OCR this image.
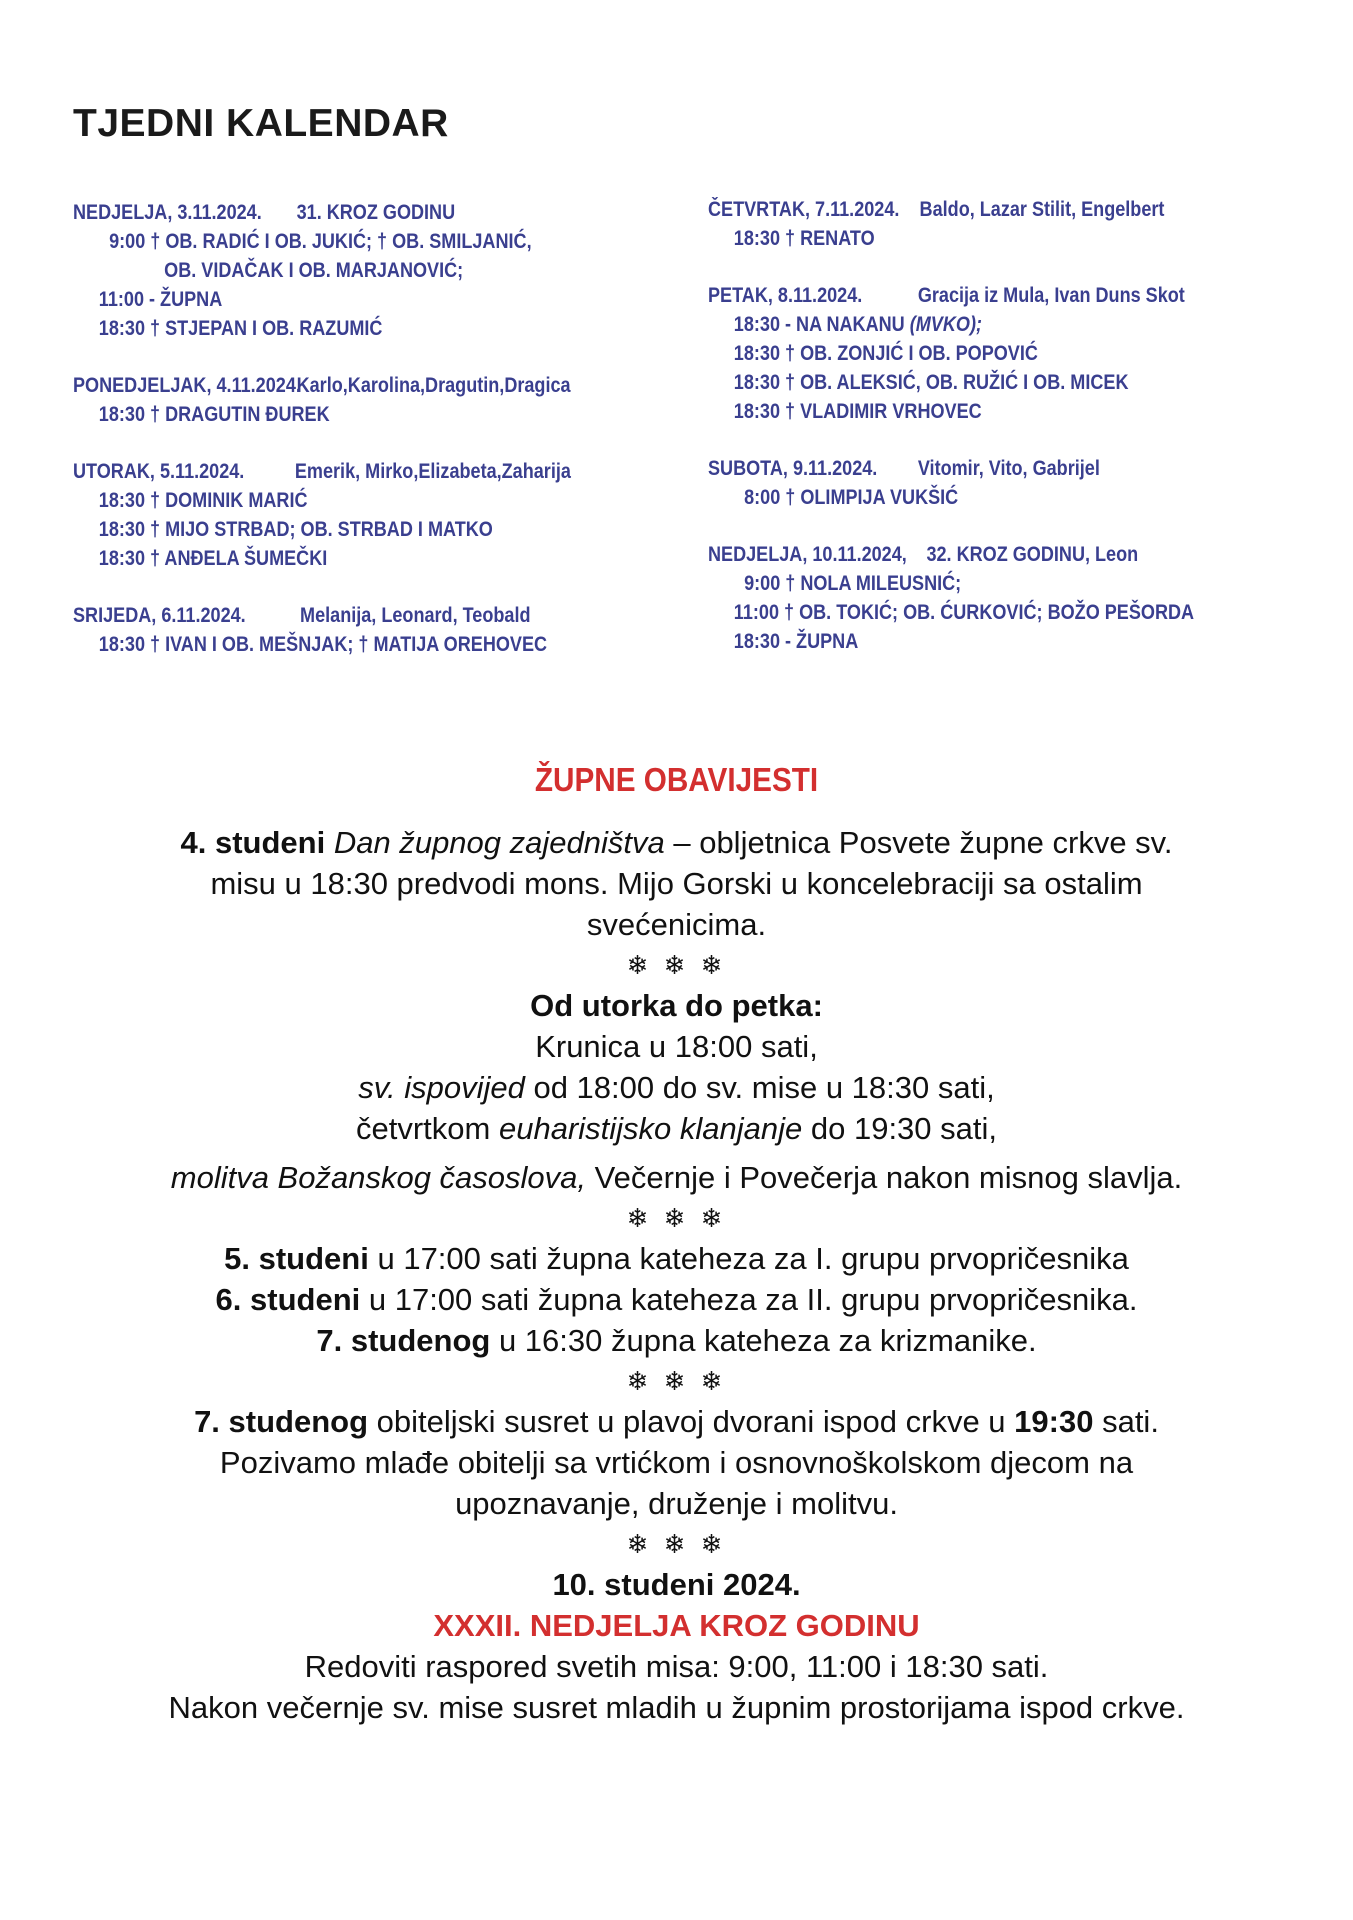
TJEDNI KALENDAR
NEDJELJA, 3.11.2024. 31. KROZ GODINU
9:00 † OB. RADIĆ I OB. JUKIĆ; † OB. SMILJANIĆ,
OB. VIDAČAK I OB. MARJANOVIĆ;
11:00 - ŽUPNA
18:30 † STJEPAN I OB. RAZUMIĆ
PONEDJELJAK, 4.11.2024.
Karlo,Karolina,Dragutin,Dragica
18:30 † DRAGUTIN ĐUREK
UTORAK, 5.11.2024. Emerik, Mirko,Elizabeta,Zaharija
18:30 † DOMINIK MARIĆ
18:30 † MIJO STRBAD; OB. STRBAD I MATKO
18:30 † ANĐELA ŠUMEČKI
SRIJEDA, 6.11.2024.	Melanija, Leonard, Teobald
18:30 † IVAN I OB. MEŠNJAK; † MATIJA OREHOVEC
ČETVRTAK, 7.11.2024. Baldo, Lazar Stilit, Engelbert
18:30 † RENATO
PETAK, 8.11.2024.	Gracija iz Mula, Ivan Duns Skot
18:30 - NA NAKANU (MVKO);
18:30 † OB. ZONJIĆ I OB. POPOVIĆ
18:30 † OB. ALEKSIĆ, OB. RUŽIĆ I OB. MICEK
18:30 † VLADIMIR VRHOVEC
SUBOTA, 9.11.2024. Vitomir, Vito, Gabrijel
8:00 † OLIMPIJA VUKŠIĆ
NEDJELJA, 10.11.2024, 32. KROZ GODINU, Leon
9:00 † NOLA MILEUSNIĆ;
11:00 † OB. TOKIĆ; OB. ĆURKOVIĆ; BOŽO PEŠORDA
18:30 - ŽUPNA
ŽUPNE OBAVIJESTI

4. studeni Dan župnog zajedništva – obljetnica Posvete župne crkve sv.

misu u 18:30 predvodi mons. Mijo Gorski u koncelebraciji sa ostalim

svećenicima.

❄ ❄ ❄

Od utorka do petka:

Krunica u 18:00 sati,

sv. ispovijed od 18:00 do sv. mise u 18:30 sati,

četvrtkom euharistijsko klanjanje do 19:30 sati,

molitva Božanskog časoslova, Večernje i Povečerja nakon misnog slavlja.

❄ ❄ ❄

5. studeni u 17:00 sati župna kateheza za I. grupu prvopričesnika

6. studeni u 17:00 sati župna kateheza za II. grupu prvopričesnika.

7. studenog u 16:30 župna kateheza za krizmanike.

❄ ❄ ❄

7. studenog obiteljski susret u plavoj dvorani ispod crkve u 19:30 sati.

Pozivamo mlađe obitelji sa vrtićkom i osnovnoškolskom djecom na

upoznavanje, druženje i molitvu.

❄ ❄ ❄

10. studeni 2024.

XXXII. NEDJELJA KROZ GODINU

Redoviti raspored svetih misa: 9:00, 11:00 i 18:30 sati.

Nakon večernje sv. mise susret mladih u župnim prostorijama ispod crkve.
